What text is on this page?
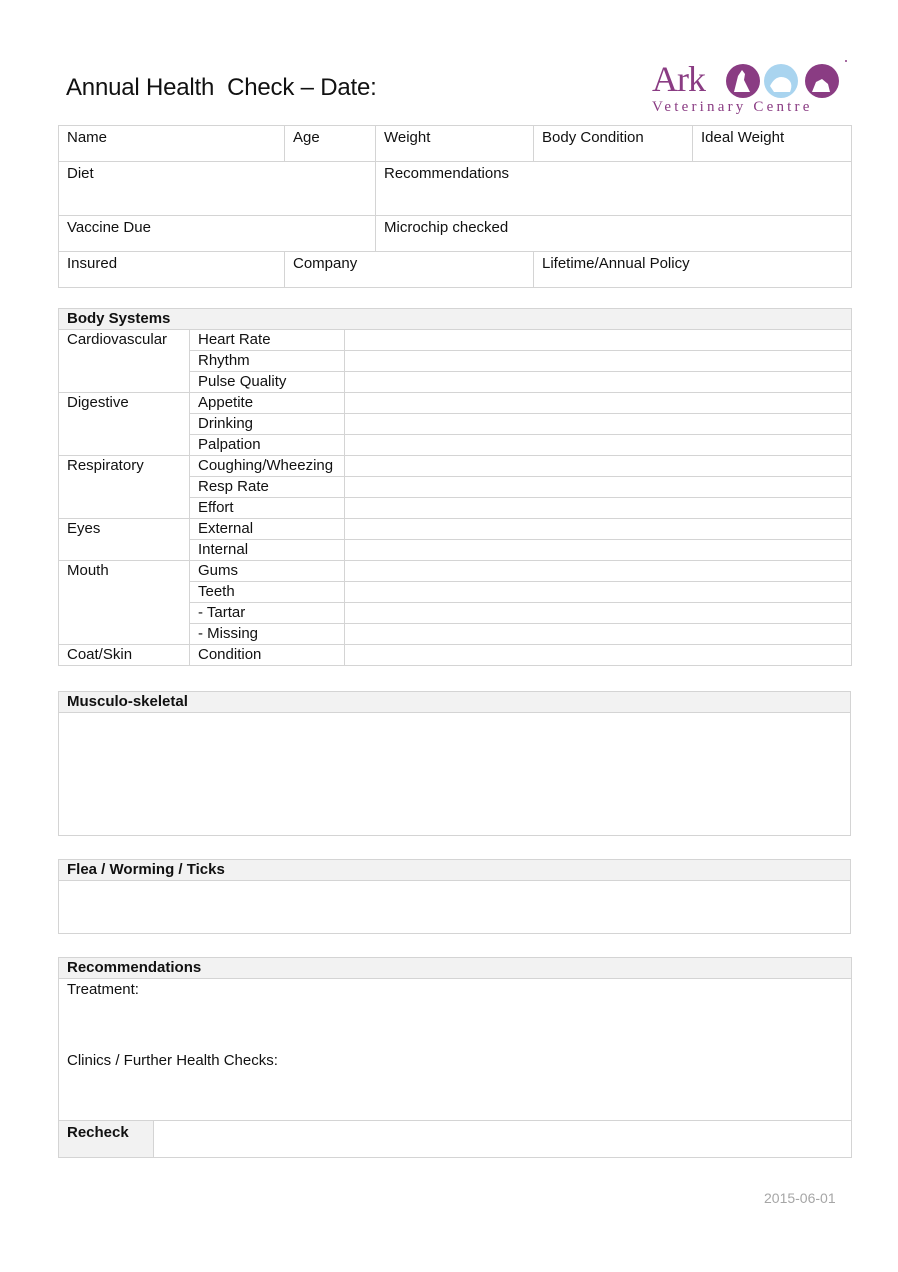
Annual Health  Check – Date:	Ark
Veterinary Centre
Name	Age	Weight	Body Condition	Ideal Weight
Diet		Recommendations		
Vaccine Due		Microchip checked		
Insured	Company		Lifetime/Annual Policy	
Body Systems		
Cardiovascular	Heart Rate	
	Rhythm	
	Pulse Quality	
Digestive	Appetite	
	Drinking	
	Palpation	
Respiratory	Coughing/Wheezing	
	Resp Rate	
	Effort	
Eyes	External	
	Internal	
Mouth	Gums	
	Teeth	
	- Tartar	
	- Missing	
Coat/Skin	Condition	
Musculo-skeletal

Flea / Worming / Ticks

Recommendations

Treatment:
Clinics / Further Health Checks:

Recheck	
2015-06-01
